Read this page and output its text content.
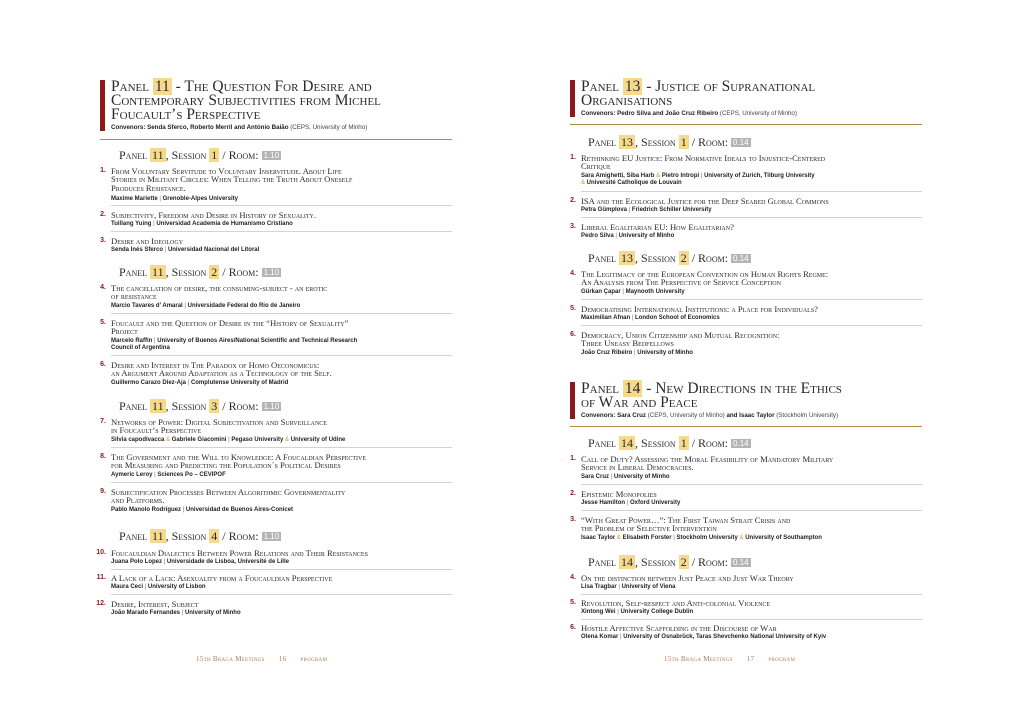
Panel 11 - The Question For Desire and
Contemporary Subjectivities from Michel
Foucault’s Perspective
Convenors: Senda Sferco, Roberto Merril and António Baião (CEPS, University of Minho)
Panel 11 , Session 1 / Room: 1.10
1. From Voluntary Servitude to Voluntary Inservitude. About Life
Stories in Militant Circles: When Telling the Truth About Oneself
Produces Resistance.
Maxime Mariette | Grenoble-Alpes University
2. Subjectivity, Freedom and Desire in History of Sexuality.
Tuillang Yuing | Universidad Academia de Humanismo Cristiano
3. Desire and Ideology
Senda Inés Sferco | Universidad Nacional del Litoral
Panel 11 , Session 2 / Room: 1.10
4. The cancellation of desire, the consuming-subject - an erotic
of resistance
Marcio Tavares d’ Amaral | Universidade Federal do Rio de Janeiro
5. Foucault and the Question of Desire in the “History of Sexuality”
Project
Marcelo Raffin | University of Buenos Aires/National Scientific and Technical Research
Council of Argentina
6. Desire and Interest in The Paradox of Homo Oeconomicus:
an Argument Around Adaptation as a Technology of the Self.
Guillermo Carazo Diez-Aja | Complutense University of Madrid
Panel 11 , Session 3 / Room: 1.10
7. Networks of Power: Digital Subjectivation and Surveillance
in Foucault’s Perspective
Silvia capodivacca & Gabriele Giacomini | Pegaso University & University of Udine
8. The Government and the Will to Knowledge: A Foucaldian Perspective
for Measuring and Predicting the Population´s Political Desires
Aymeric Leroy | Sciences Po – CEVIPOF
9. Subjectification Processes Between Algorithmic Governmentality
and Platforms.
Pablo Manolo Rodríguez | Universidad de Buenos Aires-Conicet
Panel 11 , Session 4 / Room: 1.10
10. Foucauldian Dialectics Between Power Relations and Their Resistances
Juana Polo Lopez | Universidade de Lisboa, Université de Lille
11. A Lack of a Lack: Asexuality from a Foucauldian Perspective
Maura Ceci | University of Lisbon
12. Desire, Interest, Subject
João Marado Fernandes | University of Minho
15th Braga Meetings 16 program
Panel 13 - Justice of Supranational
Organisations
Convenors: Pedro Silva and João Cruz Ribeiro (CEPS, University of Minho)
Panel 13 , Session 1 / Room: 0.14
1. Rethinking EU Justice: From Normative Ideals to Injustice-Centered
Critique
Sara Amighetti, Siba Harb & Pietro Intropi | University of Zurich, Tilburg University
& Université Catholique de Louvain
2. ISA and the Ecological Justice for the Deep Seabed Global Commons
Petra Gümplova | Friedrich Schiller University
3. Liberal Egalitarian EU: How Egalitarian?
Pedro Silva | University of Minho
Panel 13 , Session 2 / Room: 0.14
4. The Legitimacy of the European Convention on Human Rights Regme:
An Analysis from The Perspective of Service Conception
Gürkan Çapar | Maynooth University
5. Democratising International Institutions: a Place for Individuals?
Maximilian Afnan | London School of Economics
6. Democracy, Union Citizenship and Mutual Recognition:
Three Uneasy Bedfellows
João Cruz Ribeiro | University of Minho
Panel 14 - New Directions in the Ethics
of War and Peace
Convenors: Sara Cruz (CEPS, University of Minho) and Isaac Taylor (Stockholm University)
Panel 14 , Session 1 / Room: 0.14
1. Call of Duty? Assessing the Moral Feasibility of Mandatory Military
Service in Liberal Democracies.
Sara Cruz | University of Minho
2. Epistemic Monopolies
Jesse Hamilton | Oxford University
3. “With Great Power…”: The First Taiwan Strait Crisis and
the Problem of Selective Intervention
Isaac Taylor & Elisabeth Forster | Stockholm University & University of Southampton
Panel 14 , Session 2 / Room: 0.14
4. On the distinction between Just Peace and Just War Theory
Lisa Tragbar | University of Viena
5. Revolution, Self-respect and Anti-colonial Violence
Xintong Wei | University College Dublin
6. Hostile Affective Scaffolding in the Discourse of War
Olena Komar | University of Osnabrück, Taras Shevchenko National University of Kyiv
15th Braga Meetings 17 program
